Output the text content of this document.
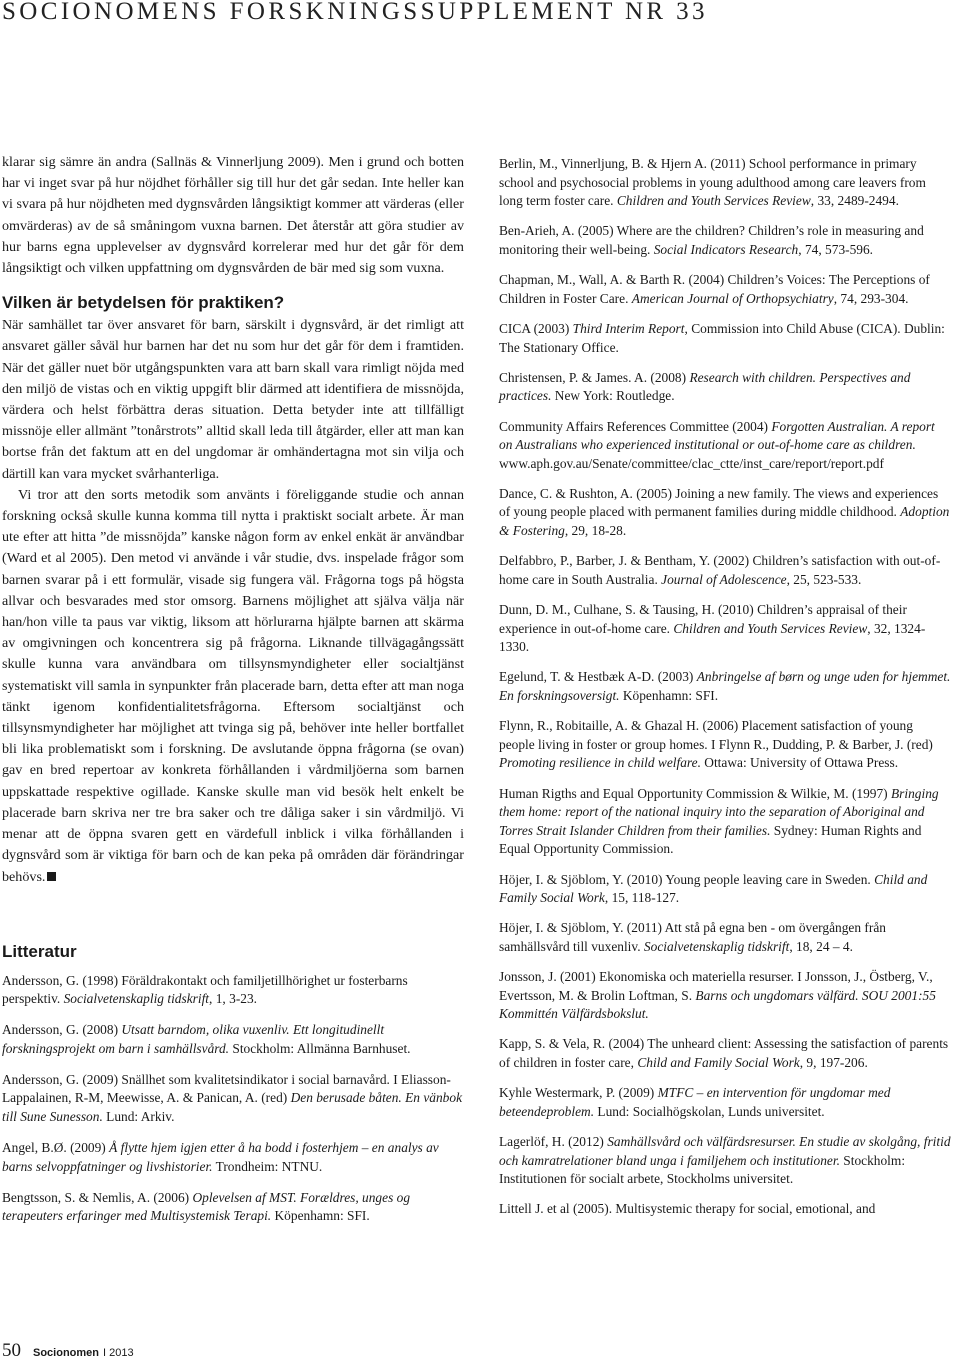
SOCIONOMENS FORSKNINGSSUPPLEMENT NR 33

klarar sig sämre än andra (Sallnäs & Vinnerljung 2009). Men i grund och botten har vi inget svar på hur nöjdhet förhåller sig till hur det går sedan. Inte heller kan vi svara på hur nöjdheten med dygnsvården långsiktigt kommer att värderas (eller omvärderas) av de så småningom vuxna barnen. Det återstår att göra studier av hur barns egna upplevelser av dygnsvård korrelerar med hur det går för dem långsiktigt och vilken uppfattning om dygnsvården de bär med sig som vuxna.

Vilken är betydelsen för praktiken?

När samhället tar över ansvaret för barn, särskilt i dygnsvård, är det rimligt att ansvaret gäller såväl hur barnen har det nu som hur det går för dem i framtiden. När det gäller nuet bör utgångspunkten vara att barn skall vara rimligt nöjda med den miljö de vistas och en viktig uppgift blir därmed att identifiera de missnöjda, värdera och helst förbättra deras situation. Detta betyder inte att tillfälligt missnöje eller allmänt ”tonårstrots” alltid skall leda till åtgärder, eller att man kan bortse från det faktum att en del ungdomar är omhändertagna mot sin vilja och därtill kan vara mycket svårhanterliga.

Vi tror att den sorts metodik som använts i föreliggande studie och annan forskning också skulle kunna komma till nytta i praktiskt socialt arbete. Är man ute efter att hitta ”de missnöjda” kanske någon form av enkel enkät är användbar (Ward et al 2005). Den metod vi använde i vår studie, dvs. inspelade frågor som barnen svarar på i ett formulär, visade sig fungera väl. Frågorna togs på högsta allvar och besvarades med stor omsorg. Barnens möjlighet att själva välja när han/hon ville ta paus var viktig, liksom att hörlurarna hjälpte barnen att skärma av omgivningen och koncentrera sig på frågorna. Liknande tillvägagångssätt skulle kunna vara användbara om tillsynsmyndigheter eller socialtjänst systematiskt vill samla in synpunkter från placerade barn, detta efter att man noga tänkt igenom konfidentialitetsfrågorna. Eftersom socialtjänst och tillsynsmyndigheter har möjlighet att tvinga sig på, behöver inte heller bortfallet bli lika problematiskt som i forskning. De avslutande öppna frågorna (se ovan) gav en bred repertoar av konkreta förhållanden i vårdmiljöerna som barnen uppskattade respektive ogillade. Kanske skulle man vid besök helt enkelt be placerade barn skriva ner tre bra saker och tre dåliga saker i sin vårdmiljö. Vi menar att de öppna svaren gett en värdefull inblick i vilka förhållanden i dygnsvård som är viktiga för barn och de kan peka på områden där förändringar behövs.

Litteratur

Andersson, G. (1998) Föräldrakontakt och familjetillhörighet ur fosterbarns perspektiv. Socialvetenskaplig tidskrift, 1, 3-23.

Andersson, G. (2008) Utsatt barndom, olika vuxenliv. Ett longitudinellt forskningsprojekt om barn i samhällsvård. Stockholm: Allmänna Barnhuset.

Andersson, G. (2009) Snällhet som kvalitetsindikator i social barnavård. I Eliasson-Lappalainen, R-M, Meewisse, A. & Panican, A. (red) Den berusade båten. En vänbok till Sune Sunesson. Lund: Arkiv.

Angel, B.Ø. (2009) Å flytte hjem igjen etter å ha bodd i fosterhjem – en analys av barns selvoppfatninger og livshistorier. Trondheim: NTNU.

Bengtsson, S. & Nemlis, A. (2006) Oplevelsen af MST. Forældres, unges og terapeuters erfaringer med Multisystemisk Terapi. Köpenhamn: SFI.

Berlin, M., Vinnerljung, B. & Hjern A. (2011) School performance in primary school and psychosocial problems in young adulthood among care leavers from long term foster care. Children and Youth Services Review, 33, 2489-2494.

Ben-Arieh, A. (2005) Where are the children? Children’s role in measuring and monitoring their well-being. Social Indicators Research, 74, 573-596.

Chapman, M., Wall, A. & Barth R. (2004) Children’s Voices: The Perceptions of Children in Foster Care. American Journal of Orthopsychiatry, 74, 293-304.

CICA (2003) Third Interim Report, Commission into Child Abuse (CICA). Dublin: The Stationary Office.

Christensen, P. & James. A. (2008) Research with children. Perspectives and practices. New York: Routledge.

Community Affairs References Committee (2004) Forgotten Australian. A report on Australians who experienced institutional or out-of-home care as children. www.aph.gov.au/Senate/committee/clac_ctte/inst_care/report/report.pdf

Dance, C. & Rushton, A. (2005) Joining a new family. The views and experiences of young people placed with permanent families during middle childhood. Adoption & Fostering, 29, 18-28.

Delfabbro, P., Barber, J. & Bentham, Y. (2002) Children’s satisfaction with out-of-home care in South Australia. Journal of Adolescence, 25, 523-533.

Dunn, D. M., Culhane, S. & Tausing, H. (2010) Children’s appraisal of their experience in out-of-home care. Children and Youth Services Review, 32, 1324-1330.

Egelund, T. & Hestbæk A-D. (2003) Anbringelse af børn og unge uden for hjemmet. En forskningsoversigt. Köpenhamn: SFI.

Flynn, R., Robitaille, A. & Ghazal H. (2006) Placement satisfaction of young people living in foster or group homes. I Flynn R., Dudding, P. & Barber, J. (red) Promoting resilience in child welfare. Ottawa: University of Ottawa Press.

Human Rigths and Equal Opportunity Commission & Wilkie, M. (1997) Bringing them home: report of the national inquiry into the separation of Aboriginal and Torres Strait Islander Children from their families. Sydney: Human Rights and Equal Opportunity Commission.

Höjer, I. & Sjöblom, Y. (2010) Young people leaving care in Sweden. Child and Family Social Work, 15, 118-127.

Höjer, I. & Sjöblom, Y. (2011) Att stå på egna ben - om övergången från samhällsvård till vuxenliv. Socialvetenskaplig tidskrift, 18, 24 – 4.

Jonsson, J. (2001) Ekonomiska och materiella resurser. I Jonsson, J., Östberg, V., Evertsson, M. & Brolin Loftman, S. Barns och ungdomars välfärd. SOU 2001:55 Kommittén Välfärdsbokslut.

Kapp, S. & Vela, R. (2004) The unheard client: Assessing the satisfaction of parents of children in foster care, Child and Family Social Work, 9, 197-206.

Kyhle Westermark, P. (2009) MTFC – en intervention för ungdomar med beteendeproblem. Lund: Socialhögskolan, Lunds universitet.

Lagerlöf, H. (2012) Samhällsvård och välfärdsresurser. En studie av skolgång, fritid och kamratrelationer bland unga i familjehem och institutioner. Stockholm: Institutionen för socialt arbete, Stockholms universitet.

Littell J. et al (2005). Multisystemic therapy for social, emotional, and

50 Socionomen I 2013
